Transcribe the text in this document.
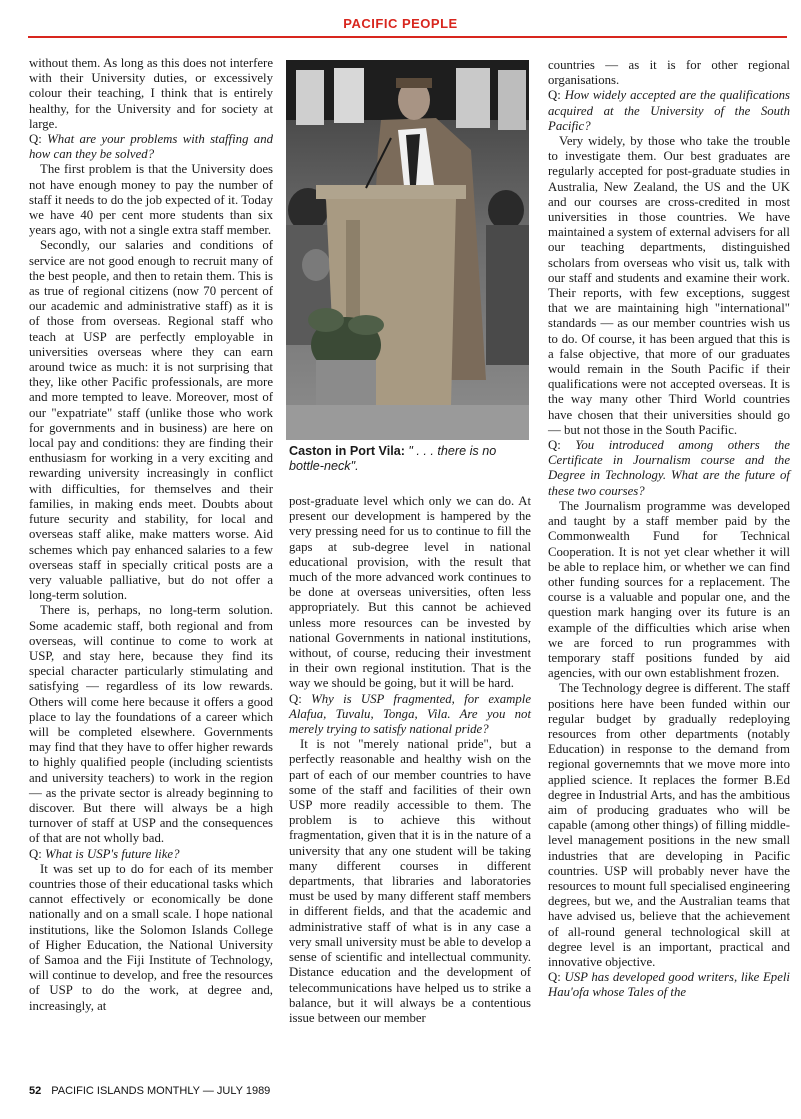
PACIFIC PEOPLE

without them. As long as this does not interfere with their University duties, or excessively colour their teaching, I think that is entirely healthy, for the University and for society at large.

Q: What are your problems with staffing and how can they be solved?

The first problem is that the University does not have enough money to pay the number of staff it needs to do the job expected of it. Today we have 40 per cent more students than six years ago, with not a single extra staff member.

Secondly, our salaries and conditions of service are not good enough to recruit many of the best people, and then to retain them. This is as true of regional citizens (now 70 percent of our academic and administrative staff) as it is of those from overseas. Regional staff who teach at USP are perfectly employable in universities overseas where they can earn around twice as much: it is not surprising that they, like other Pacific professionals, are more and more tempted to leave. Moreover, most of our "expatriate" staff (unlike those who work for governments and in business) are here on local pay and conditions: they are finding their enthusiasm for working in a very exciting and rewarding university increasingly in conflict with difficulties, for themselves and their families, in making ends meet. Doubts about future security and stability, for local and overseas staff alike, make matters worse. Aid schemes which pay enhanced salaries to a few overseas staff in specially critical posts are a very valuable palliative, but do not offer a long-term solution.

There is, perhaps, no long-term solution. Some academic staff, both regional and from overseas, will continue to come to work at USP, and stay here, because they find its special character particularly stimulating and satisfying — regardless of its low rewards. Others will come here because it offers a good place to lay the foundations of a career which will be completed elsewhere. Governments may find that they have to offer higher rewards to highly qualified people (including scientists and university teachers) to work in the region — as the private sector is already beginning to discover. But there will always be a high turnover of staff at USP and the consequences of that are not wholly bad.

Q: What is USP's future like?

It was set up to do for each of its member countries those of their educational tasks which cannot effectively or economically be done nationally and on a small scale. I hope national institutions, like the Solomon Islands College of Higher Education, the National University of Samoa and the Fiji Institute of Technology, will continue to develop, and free the resources of USP to do the work, at degree and, increasingly, at

Caston in Port Vila: " . . . there is no bottle-neck".

post-graduate level which only we can do. At present our development is hampered by the very pressing need for us to continue to fill the gaps at sub-degree level in national educational provision, with the result that much of the more advanced work continues to be done at overseas universities, often less appropriately. But this cannot be achieved unless more resources can be invested by national Governments in national institutions, without, of course, reducing their investment in their own regional institution. That is the way we should be going, but it will be hard.

Q: Why is USP fragmented, for example Alafua, Tuvalu, Tonga, Vila. Are you not merely trying to satisfy national pride?

It is not "merely national pride", but a perfectly reasonable and healthy wish on the part of each of our member countries to have some of the staff and facilities of their own USP more readily accessible to them. The problem is to achieve this without fragmentation, given that it is in the nature of a university that any one student will be taking many different courses in different departments, that libraries and laboratories must be used by many different staff members in different fields, and that the academic and administrative staff of what is in any case a very small university must be able to develop a sense of scientific and intellectual community. Distance education and the development of telecommunications have helped us to strike a balance, but it will always be a contentious issue between our member

countries — as it is for other regional organisations.

Q: How widely accepted are the qualifications acquired at the University of the South Pacific?

Very widely, by those who take the trouble to investigate them. Our best graduates are regularly accepted for post-graduate studies in Australia, New Zealand, the US and the UK and our courses are cross-credited in most universities in those countries. We have maintained a system of external advisers for all our teaching departments, distinguished scholars from overseas who visit us, talk with our staff and students and examine their work. Their reports, with few exceptions, suggest that we are maintaining high "international" standards — as our member countries wish us to do. Of course, it has been argued that this is a false objective, that more of our graduates would remain in the South Pacific if their qualifications were not accepted overseas. It is the way many other Third World countries have chosen that their universities should go — but not those in the South Pacific.

Q: You introduced among others the Certificate in Journalism course and the Degree in Technology. What are the future of these two courses?

The Journalism programme was developed and taught by a staff member paid by the Commonwealth Fund for Technical Cooperation. It is not yet clear whether it will be able to replace him, or whether we can find other funding sources for a replacement. The course is a valuable and popular one, and the question mark hanging over its future is an example of the difficulties which arise when we are forced to run programmes with temporary staff positions funded by aid agencies, with our own establishment frozen.

The Technology degree is different. The staff positions here have been funded within our regular budget by gradually redeploying resources from other departments (notably Education) in response to the demand from regional governemnts that we move more into applied science. It replaces the former B.Ed degree in Industrial Arts, and has the ambitious aim of producing graduates who will be capable (among other things) of filling middle-level management positions in the new small industries that are developing in Pacific countries. USP will probably never have the resources to mount full specialised engineering degrees, but we, and the Australian teams that have advised us, believe that the achievement of all-round general technological skill at degree level is an important, practical and innovative objective.

Q: USP has developed good writers, like Epeli Hau'ofa whose Tales of the

52 PACIFIC ISLANDS MONTHLY — JULY 1989
